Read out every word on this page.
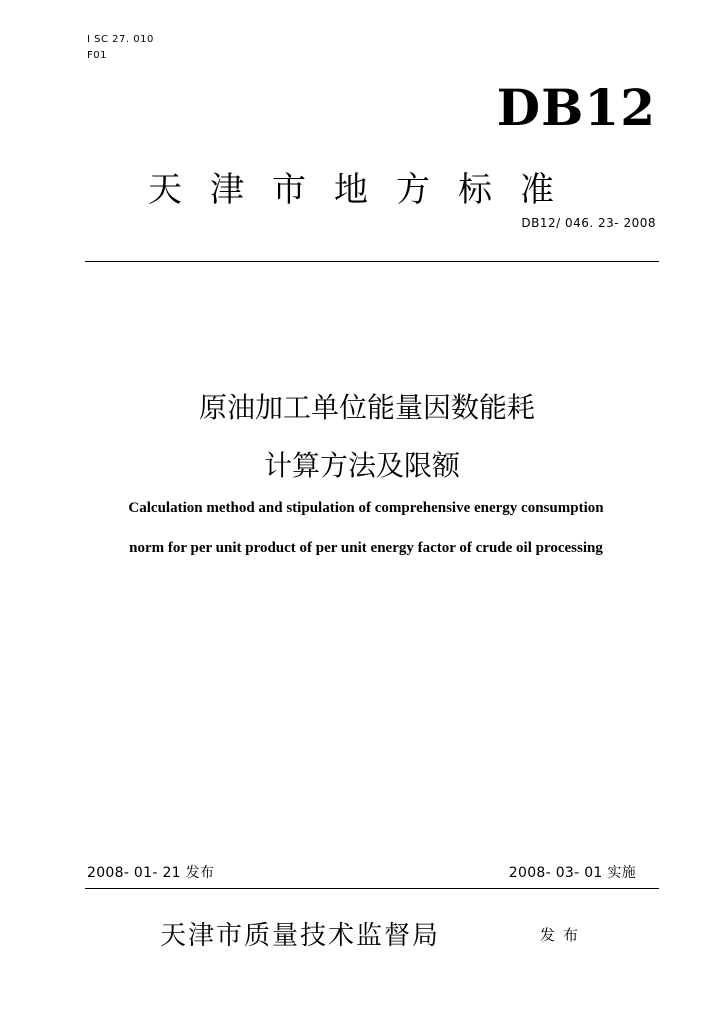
I SC 27. 010
F01
DB12
天津市地方标准
DB12/ 046. 23- 2008
原油加工单位能量因数能耗
计算方法及限额
Calculation method and stipulation of comprehensive energy consumption
norm for per unit product of per unit energy factor of crude oil processing
2008- 01- 21 发布	2008- 03- 01 实施
天津市质量技术监督局	发布
